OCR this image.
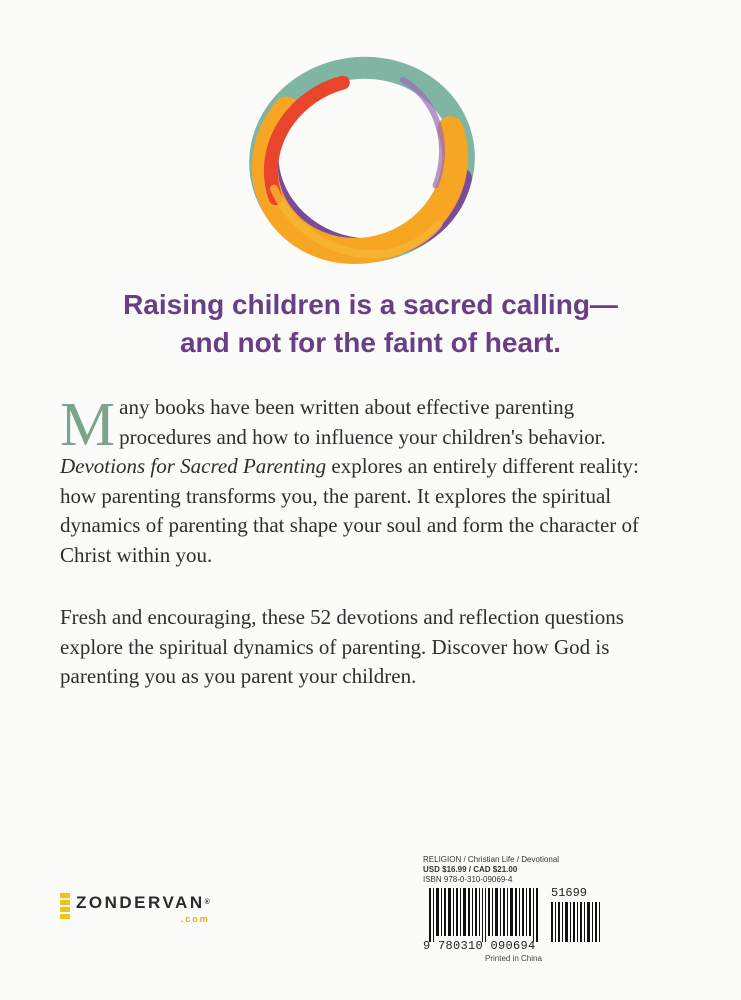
Raising children is a sacred calling—
and not for the faint of heart.

Many books have been written about effective parenting procedures and how to influence your children's behavior. Devotions for Sacred Parenting explores an entirely different reality: how parenting transforms you, the parent. It explores the spiritual dynamics of parenting that shape your soul and form the character of Christ within you.

Fresh and encouraging, these 52 devotions and reflection questions explore the spiritual dynamics of parenting. Discover how God is parenting you as you parent your children.

ZONDERVAN®
.com
RELIGION / Christian Life / Devotional
USD $16.99 / CAD $21.00
ISBN 978-0-310-09069-4
51699
9 780310 090694
Printed in China
